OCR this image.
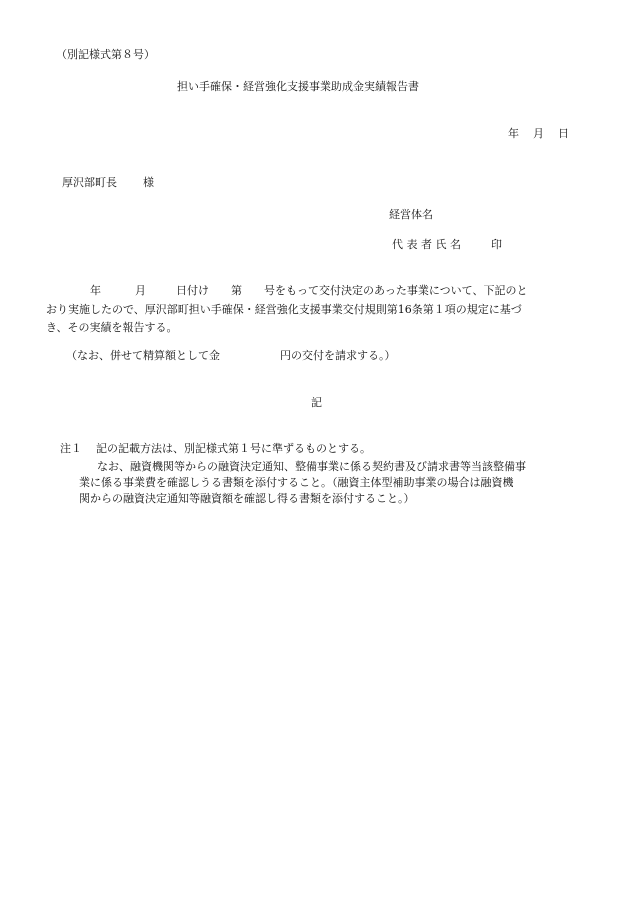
（別記様式第８号）
担い手確保・経営強化支援事業助成金実績報告書
年 月 日
厚沢部町長 様
経営体名
代 表 者 氏 名	印
年	月	日付け 第 号をもって交付決定のあった事業について、下記のと
おり実施したので、厚沢部町担い手確保・経営強化支援事業交付規則第16条第１項の規定に基づ
き、その実績を報告する。
（なお、併せて精算額として金	円の交付を請求する。）
記
注１ 記の記載方法は、別記様式第１号に準ずるものとする。
なお、融資機関等からの融資決定通知、整備事業に係る契約書及び請求書等当該整備事
業に係る事業費を確認しうる書類を添付すること。（融資主体型補助事業の場合は融資機
関からの融資決定通知等融資額を確認し得る書類を添付すること。）
